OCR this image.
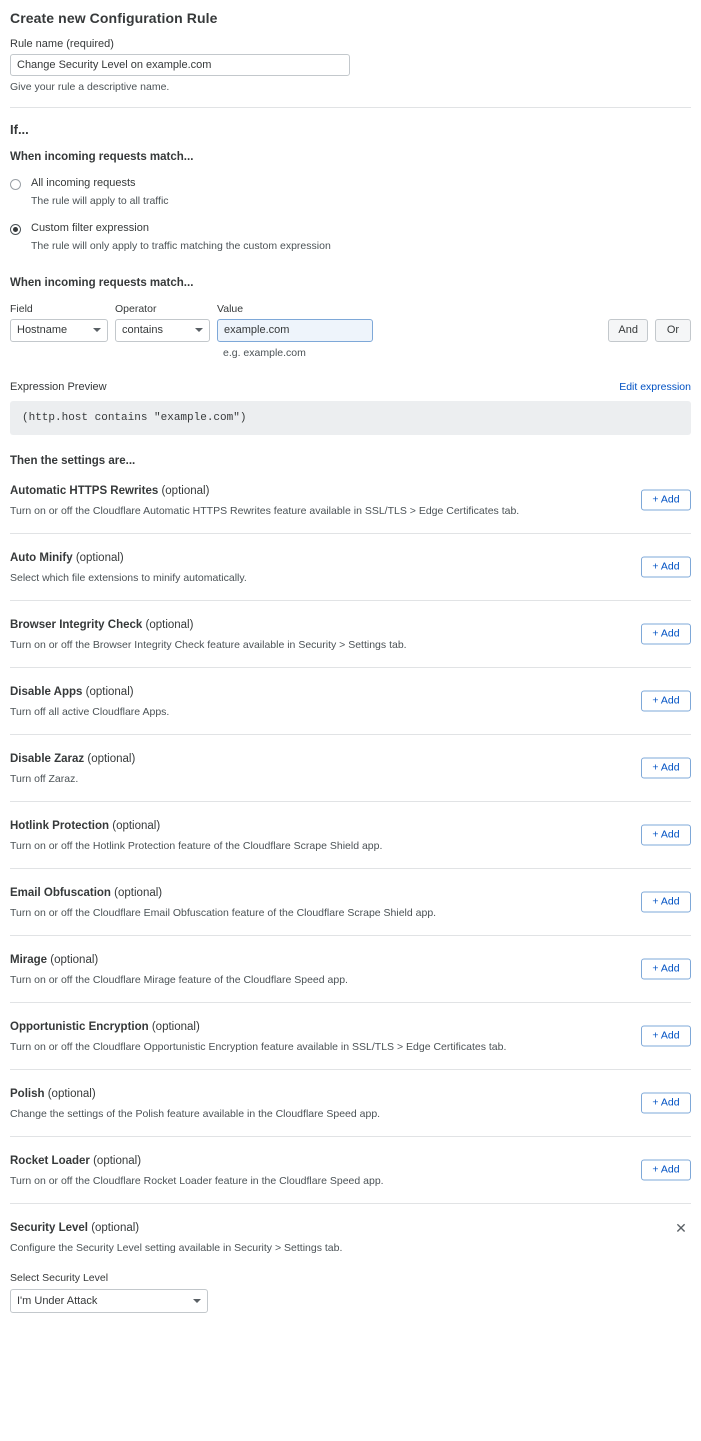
Create new Configuration Rule
Rule name (required)
Change Security Level on example.com
Give your rule a descriptive name.
If...
When incoming requests match...
All incoming requests
The rule will apply to all traffic
Custom filter expression
The rule will only apply to traffic matching the custom expression
When incoming requests match...
Field
Hostname
Operator
contains
Value
example.com
And	Or
e.g. example.com
Expression Preview	Edit expression
(http.host contains "example.com")
Then the settings are...
Automatic HTTPS Rewrites (optional)
Turn on or off the Cloudflare Automatic HTTPS Rewrites feature available in SSL/TLS > Edge Certificates tab.
+ Add
Auto Minify (optional)
Select which file extensions to minify automatically.
+ Add
Browser Integrity Check (optional)
Turn on or off the Browser Integrity Check feature available in Security > Settings tab.
+ Add
Disable Apps (optional)
Turn off all active Cloudflare Apps.
+ Add
Disable Zaraz (optional)
Turn off Zaraz.
+ Add
Hotlink Protection (optional)
Turn on or off the Hotlink Protection feature of the Cloudflare Scrape Shield app.
+ Add
Email Obfuscation (optional)
Turn on or off the Cloudflare Email Obfuscation feature of the Cloudflare Scrape Shield app.
+ Add
Mirage (optional)
Turn on or off the Cloudflare Mirage feature of the Cloudflare Speed app.
+ Add
Opportunistic Encryption (optional)
Turn on or off the Cloudflare Opportunistic Encryption feature available in SSL/TLS > Edge Certificates tab.
+ Add
Polish (optional)
Change the settings of the Polish feature available in the Cloudflare Speed app.
+ Add
Rocket Loader (optional)
Turn on or off the Cloudflare Rocket Loader feature in the Cloudflare Speed app.
+ Add
Security Level (optional)
Configure the Security Level setting available in Security > Settings tab.
✕
Select Security Level
I'm Under Attack
